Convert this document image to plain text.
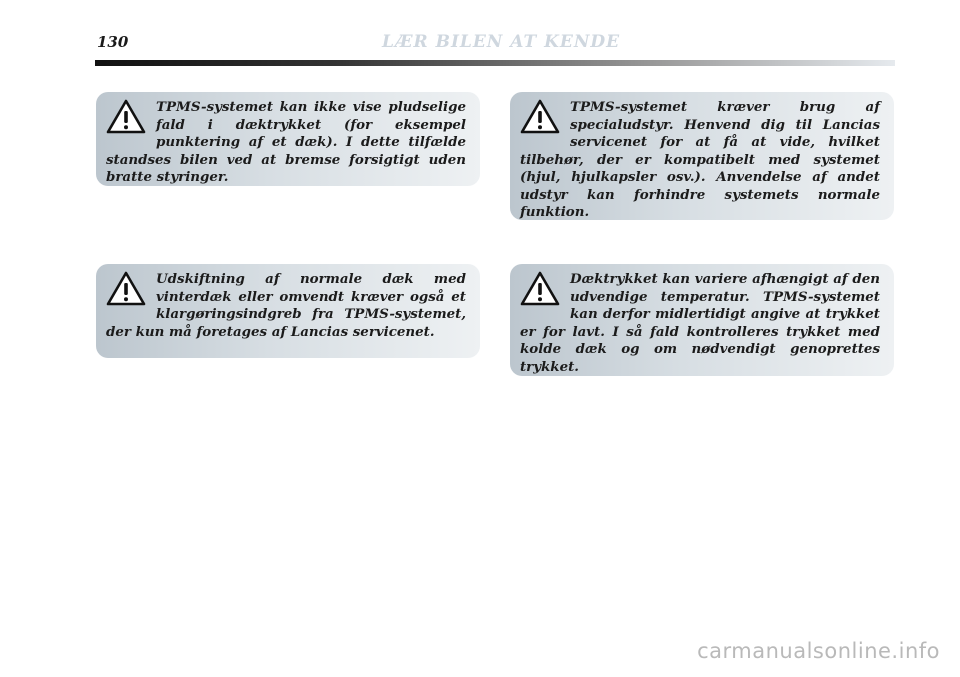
130	LÆR BILEN AT KENDE

TPMS-systemet kan ikke vise pludselige fald i dæktrykket (for eksempel punktering af et dæk). I dette tilfælde standses bilen ved at bremse forsigtigt uden bratte styringer.

TPMS-systemet kræver brug af specialudstyr. Henvend dig til Lancias servicenet for at få at vide, hvilket tilbehør, der er kompatibelt med systemet (hjul, hjulkapsler osv.). Anvendelse af andet udstyr kan forhindre systemets normale funktion.

Udskiftning af normale dæk med vinterdæk eller omvendt kræver også et klargøringsindgreb fra TPMS-systemet, der kun må foretages af Lancias servicenet.

Dæktrykket kan variere afhængigt af den udvendige temperatur. TPMS-systemet kan derfor midlertidigt angive at trykket er for lavt. I så fald kontrolleres trykket med kolde dæk og om nødvendigt genoprettes trykket.

carmanualsonline.info
